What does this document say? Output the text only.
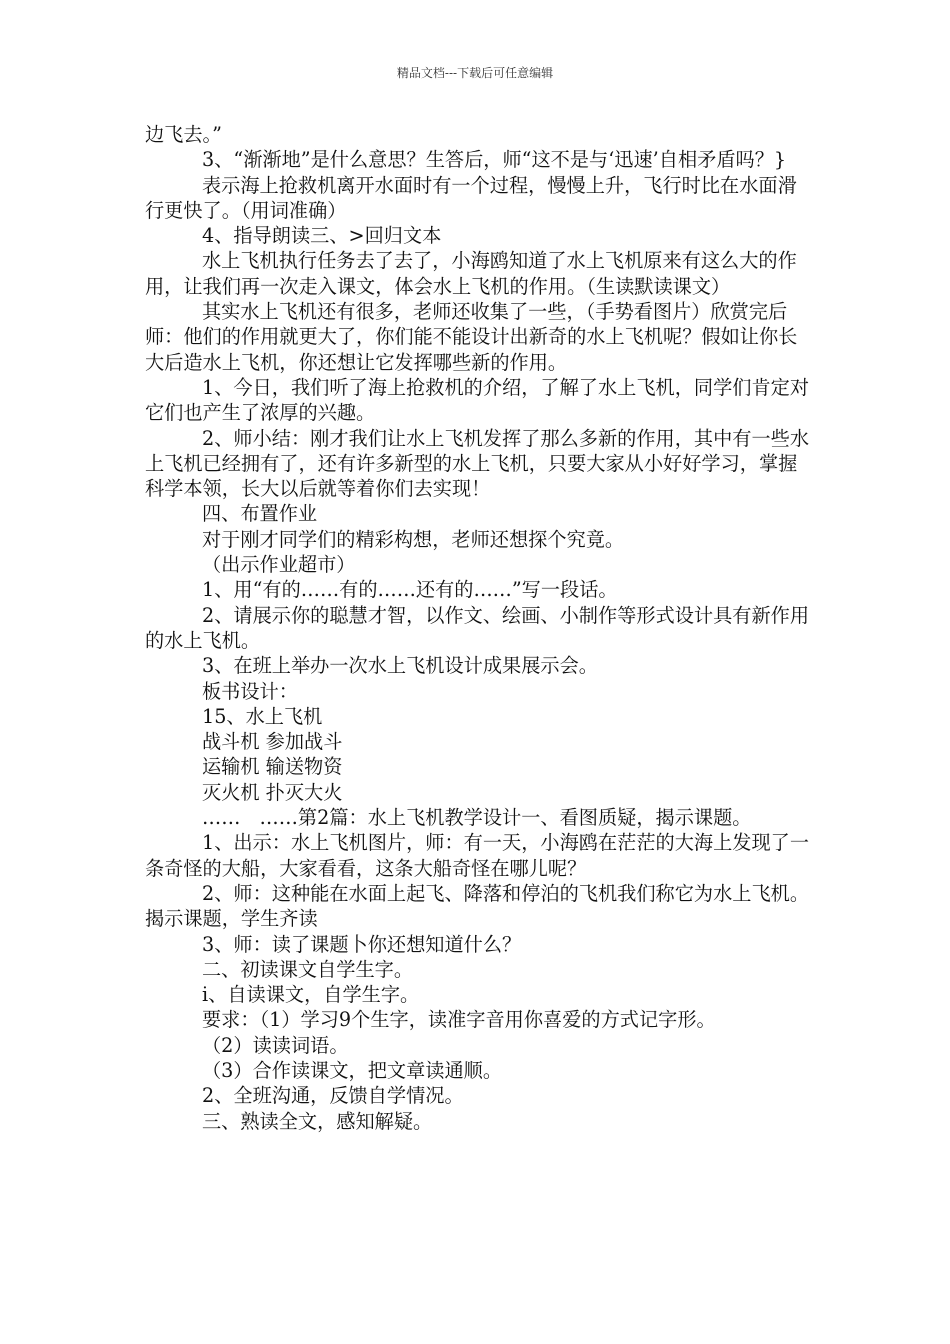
精品文档---下载后可任意编辑

边飞去。”

3、“渐渐地”是什么意思？生答后，师“这不是与‘迅速’自相矛盾吗？}

表示海上抢救机离开水面时有一个过程，慢慢上升，飞行时比在水面滑行更快了。（用词准确）

4、指导朗读三、>回归文本

水上飞机执行任务去了去了，小海鸥知道了水上飞机原来有这么大的作用，让我们再一次走入课文，体会水上飞机的作用。（生读默读课文）

其实水上飞机还有很多，老师还收集了一些，（手势看图片）欣赏完后师：他们的作用就更大了，你们能不能设计出新奇的水上飞机呢？假如让你长大后造水上飞机，你还想让它发挥哪些新的作用。

1、今日，我们听了海上抢救机的介绍，了解了水上飞机，同学们肯定对它们也产生了浓厚的兴趣。

2、师小结：刚才我们让水上飞机发挥了那么多新的作用，其中有一些水上飞机已经拥有了，还有许多新型的水上飞机，只要大家从小好好学习，掌握科学本领，长大以后就等着你们去实现！

四、布置作业

对于刚才同学们的精彩构想，老师还想探个究竟。

（出示作业超市）

1、用“有的……有的……还有的……”写一段话。

2、请展示你的聪慧才智，以作文、绘画、小制作等形式设计具有新作用的水上飞机。

3、在班上举办一次水上飞机设计成果展示会。

板书设计：

15、水上飞机

战斗机 参加战斗

运输机 输送物资

灭火机 扑灭大火

……　……第2篇：水上飞机教学设计一、看图质疑，揭示课题。

1、出示：水上飞机图片，师：有一天，小海鸥在茫茫的大海上发现了一条奇怪的大船，大家看看，这条大船奇怪在哪儿呢？

2、师：这种能在水面上起飞、降落和停泊的飞机我们称它为水上飞机。揭示课题，学生齐读

3、师：读了课题卜你还想知道什么？

二、初读课文自学生字。

i、自读课文，自学生字。

要求：（1）学习9个生字，读准字音用你喜爱的方式记字形。

（2）读读词语。

（3）合作读课文，把文章读通顺。

2、全班沟通，反馈自学情况。

三、熟读全文，感知解疑。
